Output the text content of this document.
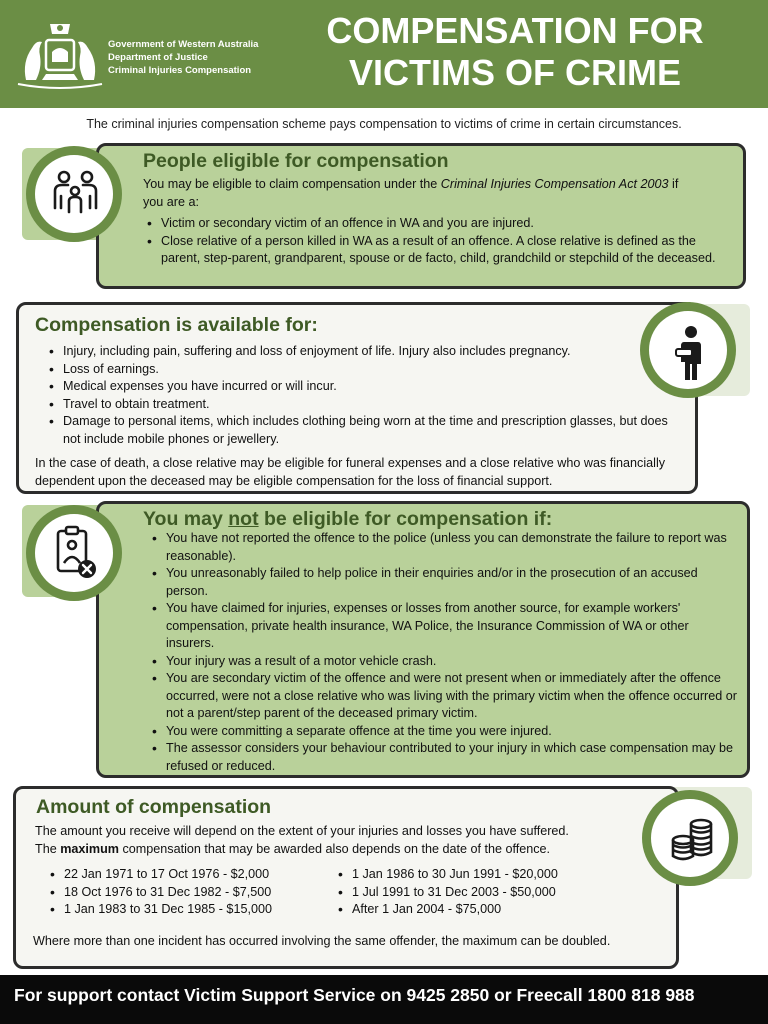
Government of Western Australia
Department of Justice
Criminal Injuries Compensation
COMPENSATION FOR
VICTIMS OF CRIME
The criminal injuries compensation scheme pays compensation to victims of crime in certain circumstances.
People eligible for compensation
You may be eligible to claim compensation under the Criminal Injuries Compensation Act 2003 if
you are a:
• Victim or secondary victim of an offence in WA and you are injured.
• Close relative of a person killed in WA as a result of an offence. A close relative is defined as the parent, step-parent, grandparent, spouse or de facto, child, grandchild or stepchild of the deceased.
Compensation is available for:
• Injury, including pain, suffering and loss of enjoyment of life. Injury also includes pregnancy.
• Loss of earnings.
• Medical expenses you have incurred or will incur.
• Travel to obtain treatment.
• Damage to personal items, which includes clothing being worn at the time and prescription glasses, but does not include mobile phones or jewellery.
In the case of death, a close relative may be eligible for funeral expenses and a close relative who was financially dependent upon the deceased may be eligible compensation for the loss of financial support.
You may not be eligible for compensation if:
• You have not reported the offence to the police (unless you can demonstrate the failure to report was reasonable).
• You unreasonably failed to help police in their enquiries and/or in the prosecution of an accused person.
• You have claimed for injuries, expenses or losses from another source, for example workers' compensation, private health insurance, WA Police, the Insurance Commission of WA or other insurers.
• Your injury was a result of a motor vehicle crash.
• You are secondary victim of the offence and were not present when or immediately after the offence occurred, were not a close relative who was living with the primary victim when the offence occurred or not a parent/step parent of the deceased primary victim.
• You were committing a separate offence at the time you were injured.
• The assessor considers your behaviour contributed to your injury in which case compensation may be refused or reduced.
Amount of compensation
The amount you receive will depend on the extent of your injuries and losses you have suffered.
The maximum compensation that may be awarded also depends on the date of the offence.
• 22 Jan 1971 to 17 Oct 1976 - $2,000
• 18 Oct 1976 to 31 Dec 1982 - $7,500
• 1 Jan 1983 to 31 Dec 1985 - $15,000
• 1 Jan 1986 to 30 Jun 1991 - $20,000
• 1 Jul 1991 to 31 Dec 2003 - $50,000
• After 1 Jan 2004 - $75,000
Where more than one incident has occurred involving the same offender, the maximum can be doubled.
For support contact Victim Support Service on 9425 2850 or Freecall 1800 818 988
